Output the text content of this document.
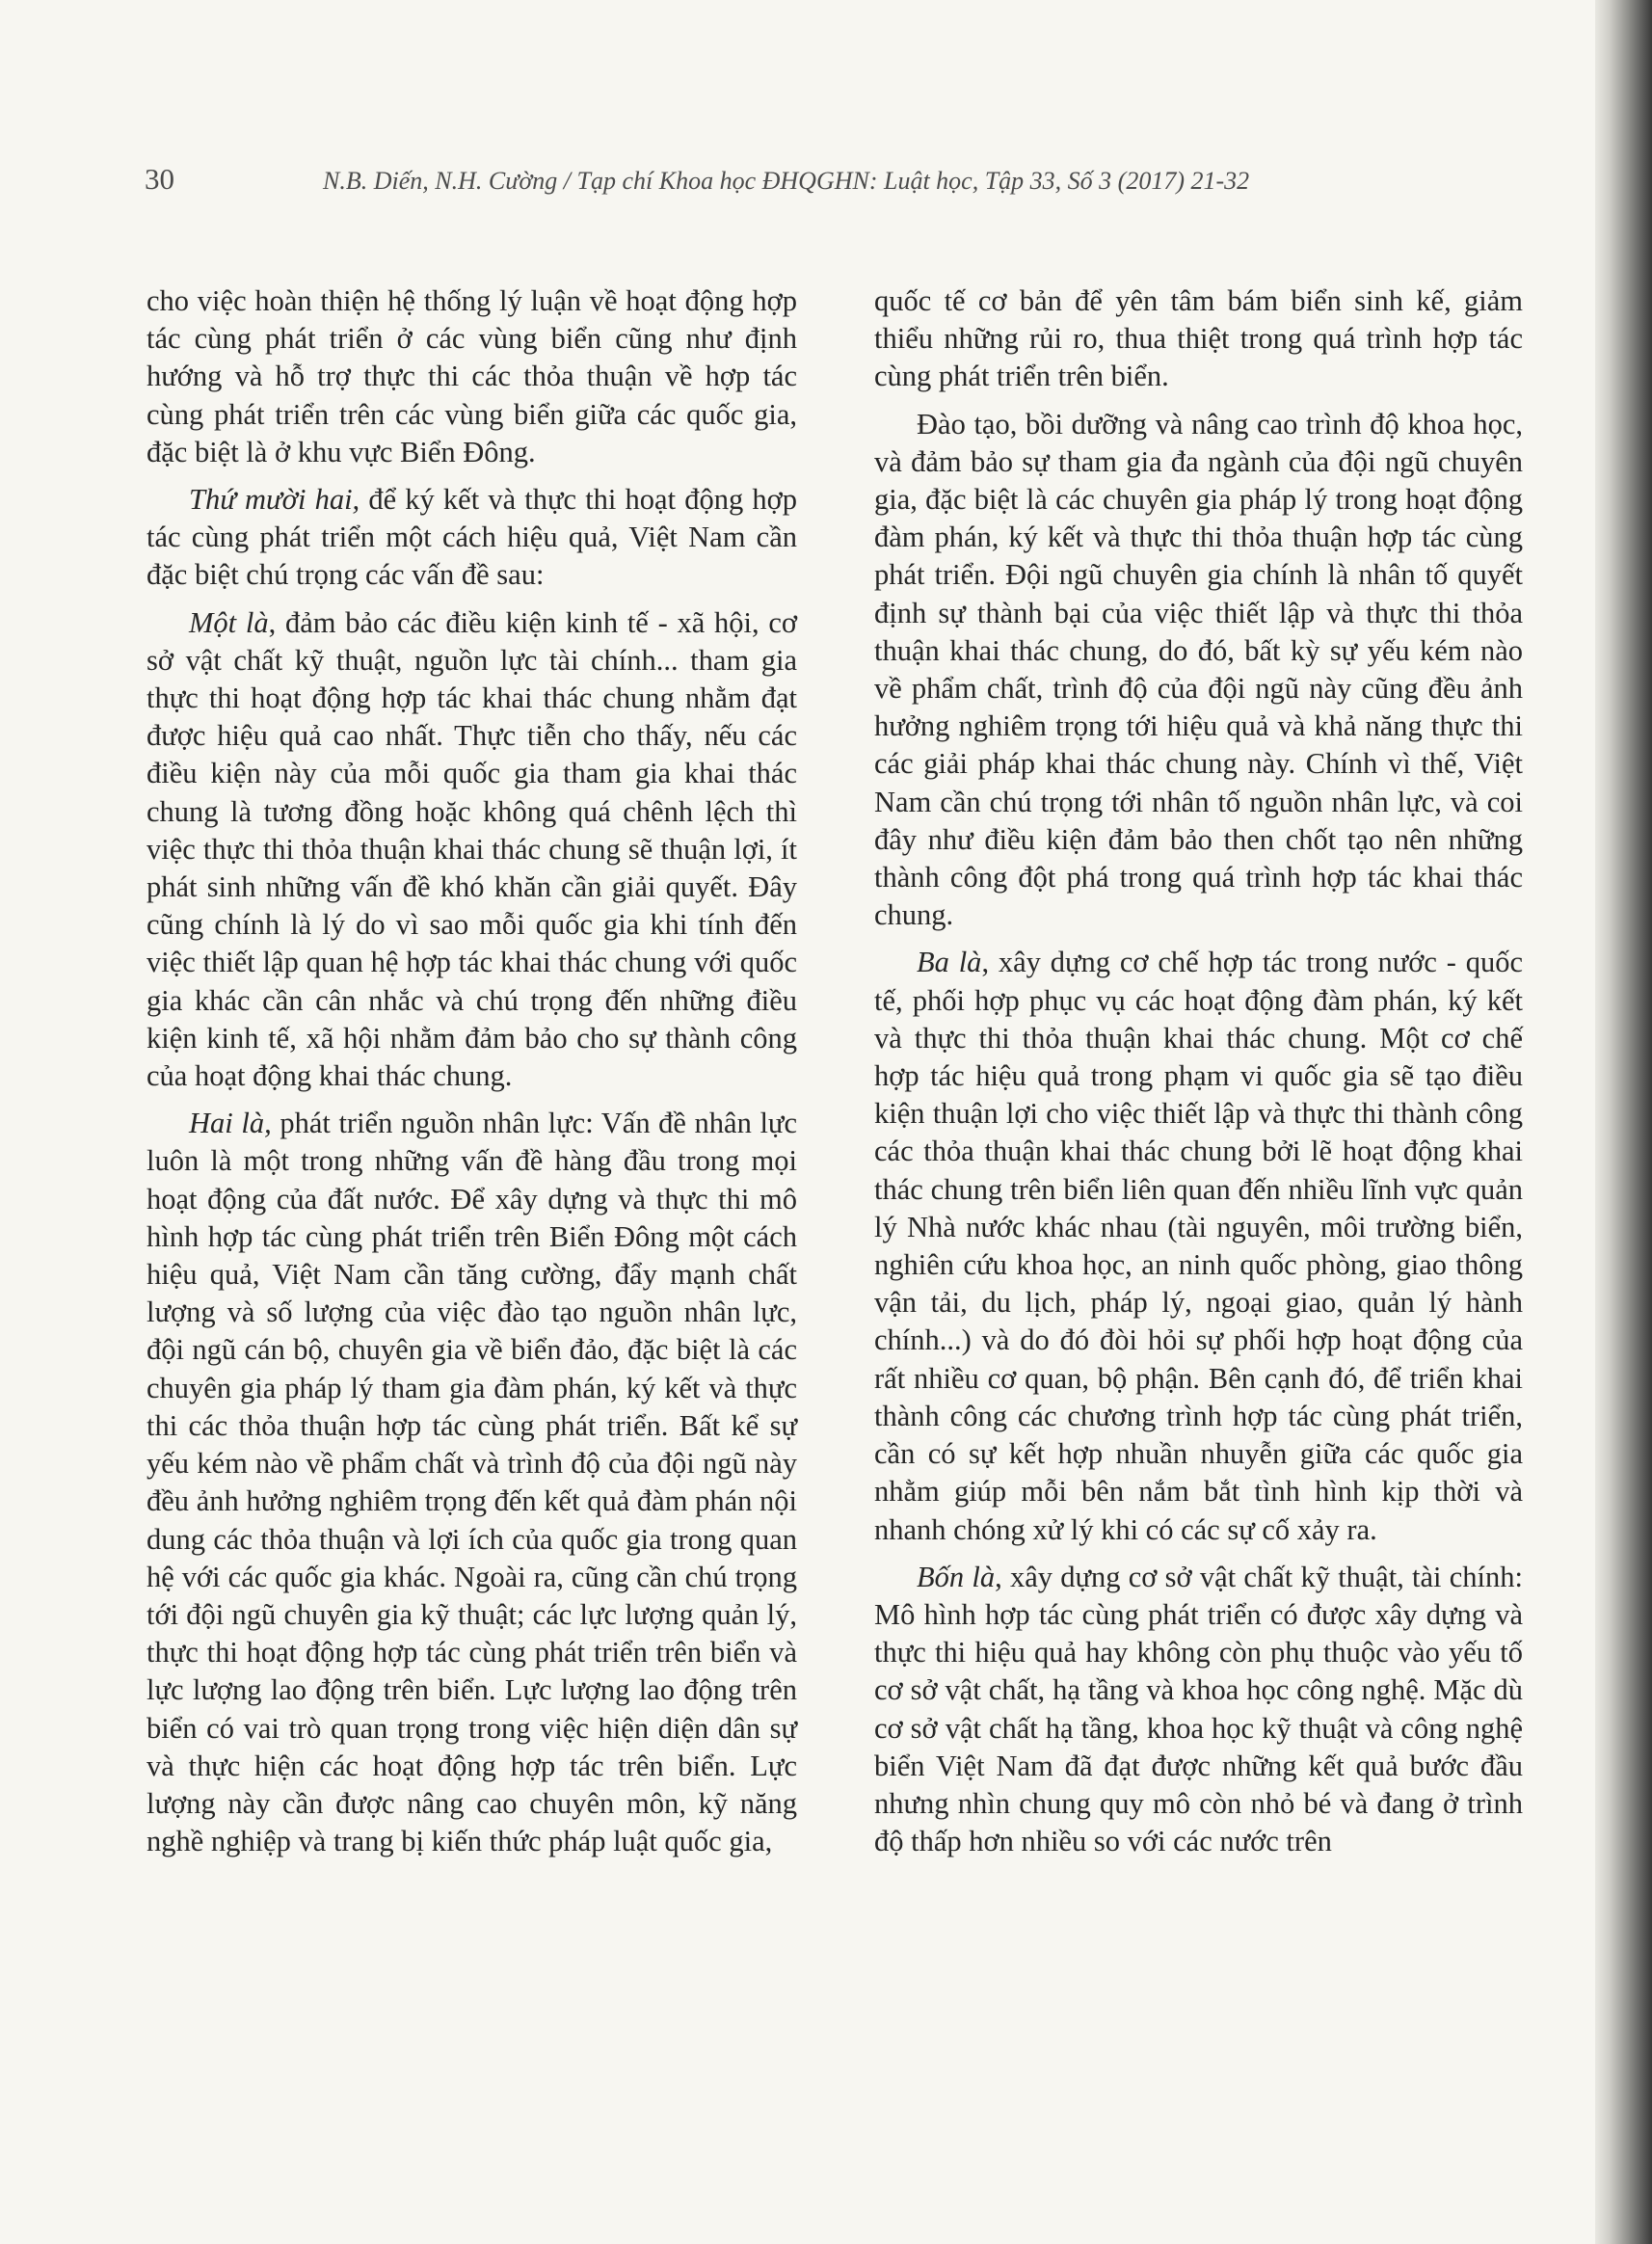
30	N.B. Diến, N.H. Cường / Tạp chí Khoa học ĐHQGHN: Luật học, Tập 33, Số 3 (2017) 21-32

cho việc hoàn thiện hệ thống lý luận về hoạt động hợp tác cùng phát triển ở các vùng biển cũng như định hướng và hỗ trợ thực thi các thỏa thuận về hợp tác cùng phát triển trên các vùng biển giữa các quốc gia, đặc biệt là ở khu vực Biển Đông.

Thứ mười hai, để ký kết và thực thi hoạt động hợp tác cùng phát triển một cách hiệu quả, Việt Nam cần đặc biệt chú trọng các vấn đề sau:

Một là, đảm bảo các điều kiện kinh tế - xã hội, cơ sở vật chất kỹ thuật, nguồn lực tài chính... tham gia thực thi hoạt động hợp tác khai thác chung nhằm đạt được hiệu quả cao nhất. Thực tiễn cho thấy, nếu các điều kiện này của mỗi quốc gia tham gia khai thác chung là tương đồng hoặc không quá chênh lệch thì việc thực thi thỏa thuận khai thác chung sẽ thuận lợi, ít phát sinh những vấn đề khó khăn cần giải quyết. Đây cũng chính là lý do vì sao mỗi quốc gia khi tính đến việc thiết lập quan hệ hợp tác khai thác chung với quốc gia khác cần cân nhắc và chú trọng đến những điều kiện kinh tế, xã hội nhằm đảm bảo cho sự thành công của hoạt động khai thác chung.

Hai là, phát triển nguồn nhân lực: Vấn đề nhân lực luôn là một trong những vấn đề hàng đầu trong mọi hoạt động của đất nước. Để xây dựng và thực thi mô hình hợp tác cùng phát triển trên Biển Đông một cách hiệu quả, Việt Nam cần tăng cường, đẩy mạnh chất lượng và số lượng của việc đào tạo nguồn nhân lực, đội ngũ cán bộ, chuyên gia về biển đảo, đặc biệt là các chuyên gia pháp lý tham gia đàm phán, ký kết và thực thi các thỏa thuận hợp tác cùng phát triển. Bất kể sự yếu kém nào về phẩm chất và trình độ của đội ngũ này đều ảnh hưởng nghiêm trọng đến kết quả đàm phán nội dung các thỏa thuận và lợi ích của quốc gia trong quan hệ với các quốc gia khác. Ngoài ra, cũng cần chú trọng tới đội ngũ chuyên gia kỹ thuật; các lực lượng quản lý, thực thi hoạt động hợp tác cùng phát triển trên biển và lực lượng lao động trên biển. Lực lượng lao động trên biển có vai trò quan trọng trong việc hiện diện dân sự và thực hiện các hoạt động hợp tác trên biển. Lực lượng này cần được nâng cao chuyên môn, kỹ năng nghề nghiệp và trang bị kiến thức pháp luật quốc gia,

quốc tế cơ bản để yên tâm bám biển sinh kế, giảm thiểu những rủi ro, thua thiệt trong quá trình hợp tác cùng phát triển trên biển.

Đào tạo, bồi dưỡng và nâng cao trình độ khoa học, và đảm bảo sự tham gia đa ngành của đội ngũ chuyên gia, đặc biệt là các chuyên gia pháp lý trong hoạt động đàm phán, ký kết và thực thi thỏa thuận hợp tác cùng phát triển. Đội ngũ chuyên gia chính là nhân tố quyết định sự thành bại của việc thiết lập và thực thi thỏa thuận khai thác chung, do đó, bất kỳ sự yếu kém nào về phẩm chất, trình độ của đội ngũ này cũng đều ảnh hưởng nghiêm trọng tới hiệu quả và khả năng thực thi các giải pháp khai thác chung này. Chính vì thế, Việt Nam cần chú trọng tới nhân tố nguồn nhân lực, và coi đây như điều kiện đảm bảo then chốt tạo nên những thành công đột phá trong quá trình hợp tác khai thác chung.

Ba là, xây dựng cơ chế hợp tác trong nước - quốc tế, phối hợp phục vụ các hoạt động đàm phán, ký kết và thực thi thỏa thuận khai thác chung. Một cơ chế hợp tác hiệu quả trong phạm vi quốc gia sẽ tạo điều kiện thuận lợi cho việc thiết lập và thực thi thành công các thỏa thuận khai thác chung bởi lẽ hoạt động khai thác chung trên biển liên quan đến nhiều lĩnh vực quản lý Nhà nước khác nhau (tài nguyên, môi trường biển, nghiên cứu khoa học, an ninh quốc phòng, giao thông vận tải, du lịch, pháp lý, ngoại giao, quản lý hành chính...) và do đó đòi hỏi sự phối hợp hoạt động của rất nhiều cơ quan, bộ phận. Bên cạnh đó, để triển khai thành công các chương trình hợp tác cùng phát triển, cần có sự kết hợp nhuần nhuyễn giữa các quốc gia nhằm giúp mỗi bên nắm bắt tình hình kịp thời và nhanh chóng xử lý khi có các sự cố xảy ra.

Bốn là, xây dựng cơ sở vật chất kỹ thuật, tài chính: Mô hình hợp tác cùng phát triển có được xây dựng và thực thi hiệu quả hay không còn phụ thuộc vào yếu tố cơ sở vật chất, hạ tầng và khoa học công nghệ. Mặc dù cơ sở vật chất hạ tầng, khoa học kỹ thuật và công nghệ biển Việt Nam đã đạt được những kết quả bước đầu nhưng nhìn chung quy mô còn nhỏ bé và đang ở trình độ thấp hơn nhiều so với các nước trên
